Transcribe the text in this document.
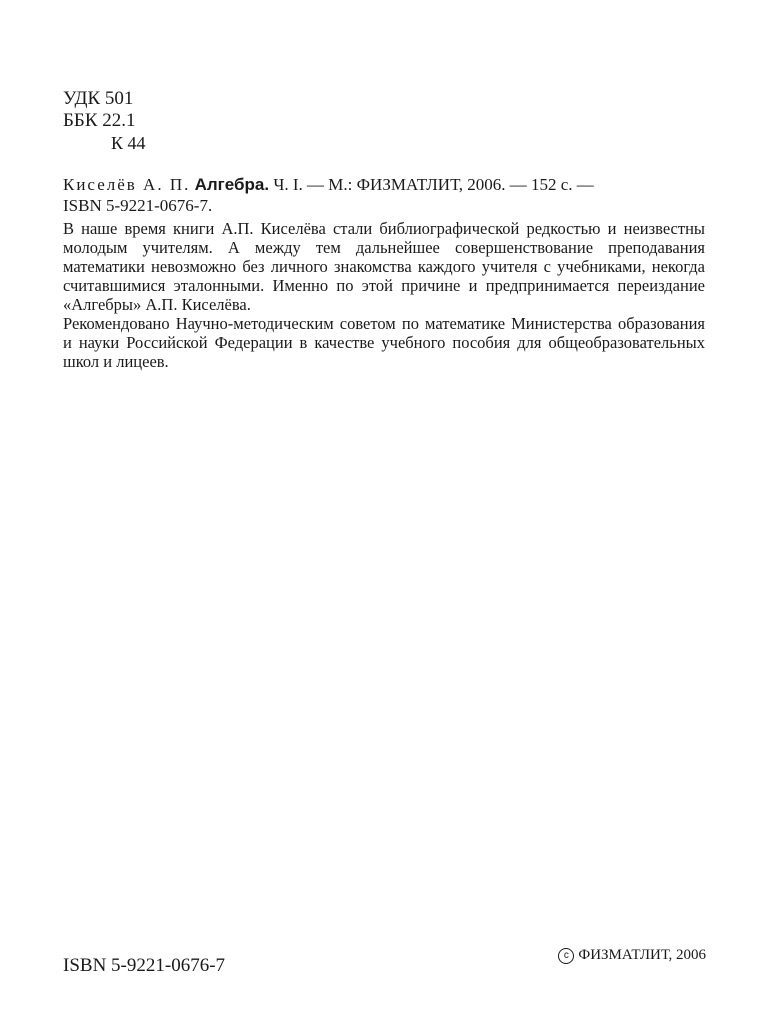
УДК 501
ББК 22.1
К 44
Киселёв А. П. Алгебра. Ч. I. — М.: ФИЗМАТЛИТ, 2006. — 152 с. —
ISBN 5-9221-0676-7.

В наше время книги А.П. Киселёва стали библиографической редкостью и неизвестны молодым учителям. А между тем дальнейшее совершенствование преподавания математики невозможно без личного знакомства каждого учителя с учебниками, некогда считавшимися эталонными. Именно по этой причине и предпринимается переиздание «Алгебры» А.П. Киселёва.

Рекомендовано Научно-методическим советом по математике Министерства образования и науки Российской Федерации в качестве учебного пособия для общеобразовательных школ и лицеев.

ISBN 5-9221-0676-7	c ФИЗМАТЛИТ, 2006
